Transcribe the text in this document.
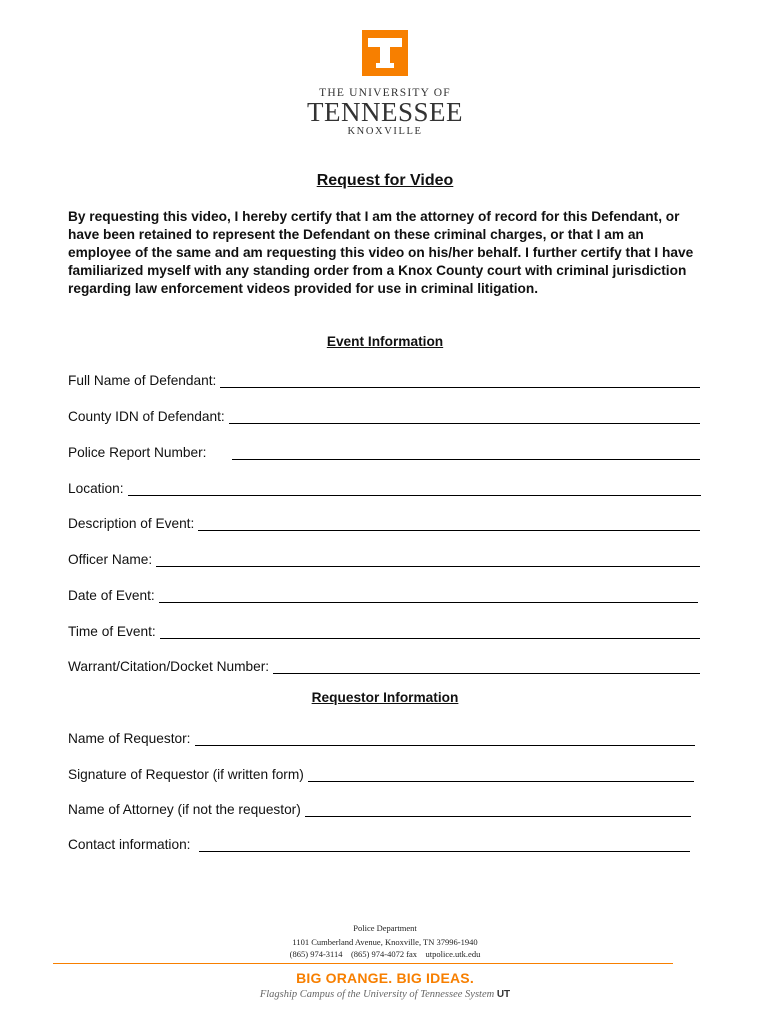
THE UNIVERSITY OF
TENNESSEE
KNOXVILLE
Request for Video
By requesting this video, I hereby certify that I am the attorney of record for this Defendant, or have been retained to represent the Defendant on these criminal charges, or that I am an employee of the same and am requesting this video on his/her behalf. I further certify that I have familiarized myself with any standing order from a Knox County court with criminal jurisdiction regarding law enforcement videos provided for use in criminal litigation.
Event Information
Full Name of Defendant:
County IDN of Defendant:
Police Report Number:
Location:
Description of Event:
Officer Name:
Date of Event:
Time of Event:
Warrant/Citation/Docket Number:
Requestor Information
Name of Requestor:
Signature of Requestor (if written form)
Name of Attorney (if not the requestor)
Contact information:
Police Department
1101 Cumberland Avenue, Knoxville, TN 37996-1940
(865) 974-3114    (865) 974-4072 fax    utpolice.utk.edu
BIG ORANGE. BIG IDEAS.
Flagship Campus of the University of Tennessee System UT
